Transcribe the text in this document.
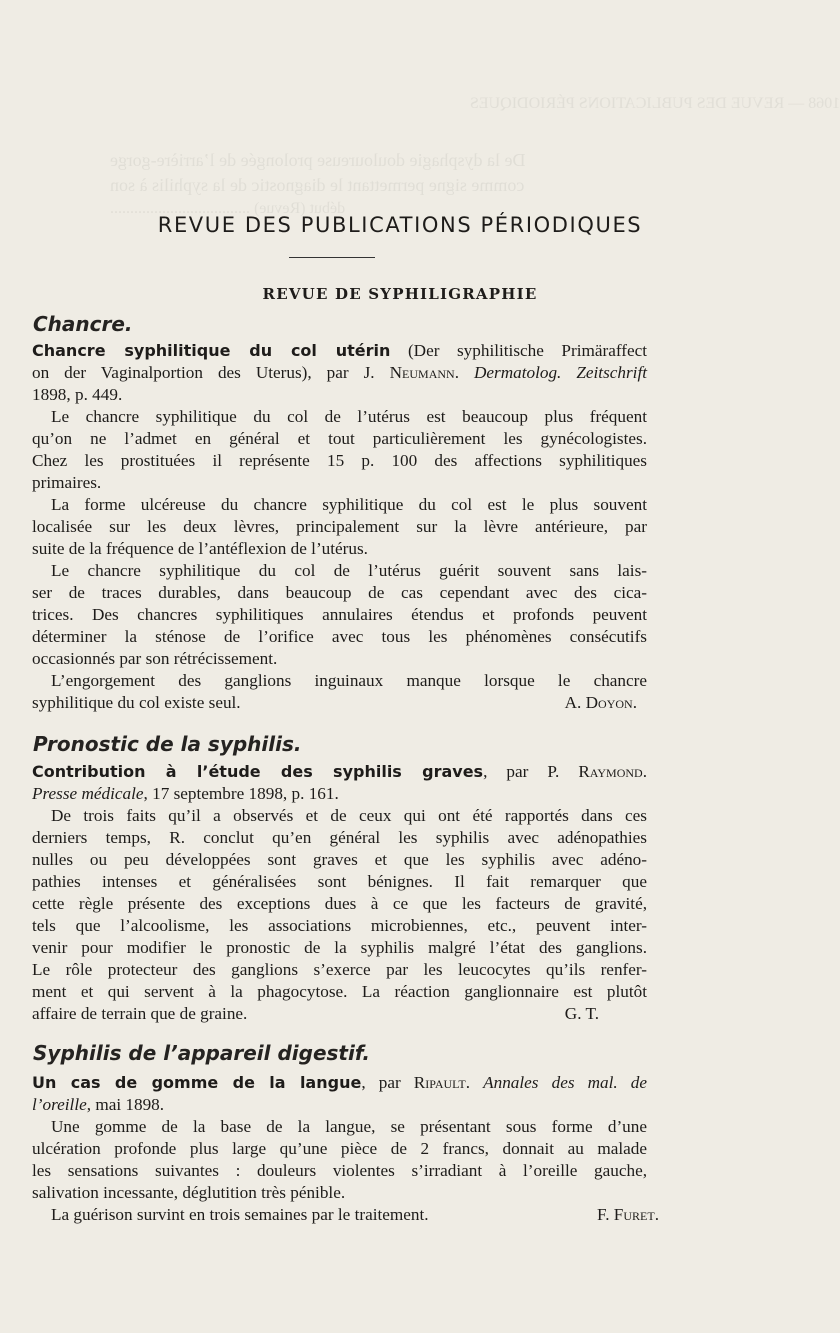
1068 — REVUE DES PUBLICATIONS PÉRIODIQUES
De la dysphagie douloureuse prolongée de l’arrière-gorge
comme signe permettant le diagnostic de la syphilis à son
début (Revue) ...................................
REVUE DES PUBLICATIONS PÉRIODIQUES
REVUE DE SYPHILIGRAPHIE
Chancre.
Chancre syphilitique du col utérin (Der syphilitische Primäraffect
on der Vaginalportion des Uterus), par J. Neumann. Dermatolog. Zeitschrift
1898, p. 449.
Le chancre syphilitique du col de l’utérus est beaucoup plus fréquent
qu’on ne l’admet en général et tout particulièrement les gynécologistes.
Chez les prostituées il représente 15 p. 100 des affections syphilitiques
primaires.
La forme ulcéreuse du chancre syphilitique du col est le plus souvent
localisée sur les deux lèvres, principalement sur la lèvre antérieure, par
suite de la fréquence de l’antéflexion de l’utérus.
Le chancre syphilitique du col de l’utérus guérit souvent sans lais-
ser de traces durables, dans beaucoup de cas cependant avec des cica-
trices. Des chancres syphilitiques annulaires étendus et profonds peuvent
déterminer la sténose de l’orifice avec tous les phénomènes consécutifs
occasionnés par son rétrécissement.
L’engorgement des ganglions inguinaux manque lorsque le chancre
syphilitique du col existe seul.	A. Doyon.
Pronostic de la syphilis.
Contribution à l’étude des syphilis graves, par P. Raymond.
Presse médicale, 17 septembre 1898, p. 161.
De trois faits qu’il a observés et de ceux qui ont été rapportés dans ces
derniers temps, R. conclut qu’en général les syphilis avec adénopathies
nulles ou peu développées sont graves et que les syphilis avec adéno-
pathies intenses et généralisées sont bénignes. Il fait remarquer que
cette règle présente des exceptions dues à ce que les facteurs de gravité,
tels que l’alcoolisme, les associations microbiennes, etc., peuvent inter-
venir pour modifier le pronostic de la syphilis malgré l’état des ganglions.
Le rôle protecteur des ganglions s’exerce par les leucocytes qu’ils renfer-
ment et qui servent à la phagocytose. La réaction ganglionnaire est plutôt
affaire de terrain que de graine.	G. T.
Syphilis de l’appareil digestif.
Un cas de gomme de la langue, par Ripault. Annales des mal. de
l’oreille, mai 1898.
Une gomme de la base de la langue, se présentant sous forme d’une
ulcération profonde plus large qu’une pièce de 2 francs, donnait au malade
les sensations suivantes : douleurs violentes s’irradiant à l’oreille gauche,
salivation incessante, déglutition très pénible.
La guérison survint en trois semaines par le traitement.	F. Furet.
